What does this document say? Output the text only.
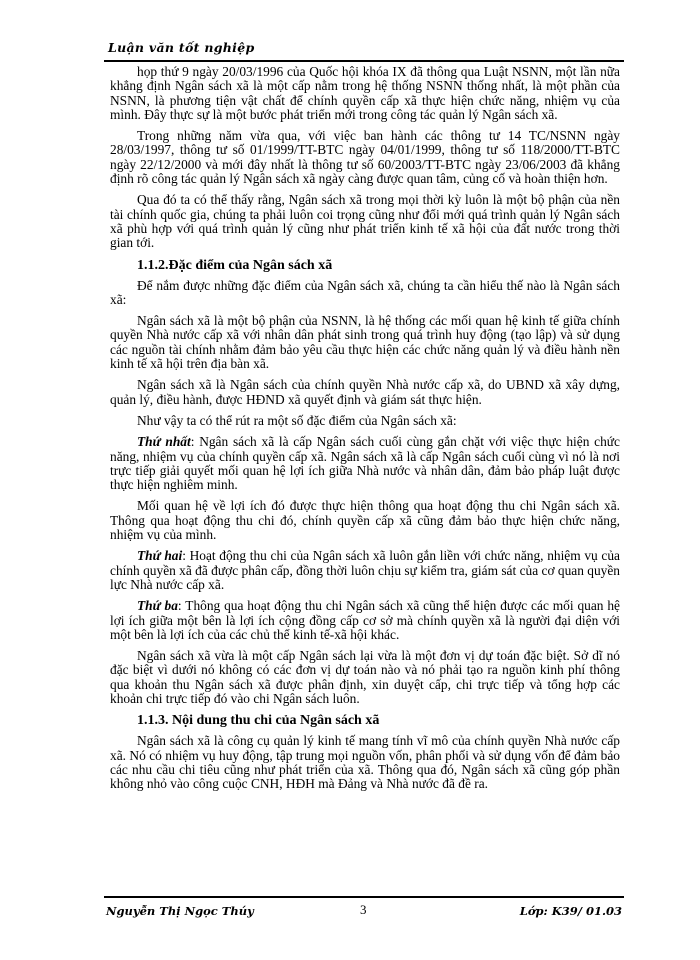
Luận văn tốt nghiệp

họp thứ 9 ngày 20/03/1996 của Quốc hội khóa IX đã thông qua Luật NSNN, một lần nữa khẳng định Ngân sách xã là một cấp nằm trong hệ thống NSNN thống nhất, là một phần của NSNN, là phương tiện vật chất để chính quyền cấp xã thực hiện chức năng, nhiệm vụ của mình. Đây thực sự là một bước phát triển mới trong công tác quản lý Ngân sách xã.

Trong những năm vừa qua, với việc ban hành các thông tư 14 TC/NSNN ngày 28/03/1997, thông tư số 01/1999/TT-BTC ngày 04/01/1999, thông tư số 118/2000/TT-BTC ngày 22/12/2000 và mới đây nhất là thông tư số 60/2003/TT-BTC ngày 23/06/2003 đã khẳng định rõ công tác quản lý Ngân sách xã ngày càng được quan tâm, củng cố và hoàn thiện hơn.

Qua đó ta có thể thấy rằng, Ngân sách xã trong mọi thời kỳ luôn là một bộ phận của nền tài chính quốc gia, chúng ta phải luôn coi trọng cũng như đổi mới quá trình quản lý Ngân sách xã phù hợp với quá trình quản lý cũng như phát triển kinh tế xã hội của đất nước trong thời gian tới.

1.1.2.Đặc điểm của Ngân sách xã

Để nắm được những đặc điểm của Ngân sách xã, chúng ta cần hiểu thế nào là Ngân sách xã:

Ngân sách xã là một bộ phận của NSNN, là hệ thống các mối quan hệ kinh tế giữa chính quyền Nhà nước cấp xã với nhân dân phát sinh trong quá trình huy động (tạo lập) và sử dụng các nguồn tài chính nhằm đảm bảo yêu cầu thực hiện các chức năng quản lý và điều hành nền kinh tế xã hội trên địa bàn xã.

Ngân sách xã là Ngân sách của chính quyền Nhà nước cấp xã, do UBND xã xây dựng, quản lý, điều hành, được HĐND xã quyết định và giám sát thực hiện.

Như vậy ta có thể rút ra một số đặc điểm của Ngân sách xã:

Thứ nhất: Ngân sách xã là cấp Ngân sách cuối cùng gắn chặt với việc thực hiện chức năng, nhiệm vụ của chính quyền cấp xã. Ngân sách xã là cấp Ngân sách cuối cùng vì nó là nơi trực tiếp giải quyết mối quan hệ lợi ích giữa Nhà nước và nhân dân, đảm bảo pháp luật được thực hiện nghiêm minh.

Mối quan hệ về lợi ích đó được thực hiện thông qua hoạt động thu chi Ngân sách xã. Thông qua hoạt động thu chi đó, chính quyền cấp xã cũng đảm bảo thực hiện chức năng, nhiệm vụ của mình.

Thứ hai: Hoạt động thu chi của Ngân sách xã luôn gắn liền với chức năng, nhiệm vụ của chính quyền xã đã được phân cấp, đồng thời luôn chịu sự kiểm tra, giám sát của cơ quan quyền lực Nhà nước cấp xã.

Thứ ba: Thông qua hoạt động thu chi Ngân sách xã cũng thể hiện được các mối quan hệ lợi ích giữa một bên là lợi ích cộng đồng cấp cơ sở mà chính quyền xã là người đại diện với một bên là lợi ích của các chủ thể kinh tế-xã hội khác.

Ngân sách xã vừa là một cấp Ngân sách lại vừa là một đơn vị dự toán đặc biệt. Sở dĩ nó đặc biệt vì dưới nó không có các đơn vị dự toán nào và nó phải tạo ra nguồn kinh phí thông qua khoản thu Ngân sách xã được phân định, xin duyệt cấp, chi trực tiếp và tổng hợp các khoản chi trực tiếp đó vào chi Ngân sách luôn.

1.1.3. Nội dung thu chi của Ngân sách xã

Ngân sách xã là công cụ quản lý kinh tế mang tính vĩ mô của chính quyền Nhà nước cấp xã. Nó có nhiệm vụ huy động, tập trung mọi nguồn vốn, phân phối và sử dụng vốn để đảm bảo các nhu cầu chi tiêu cũng như phát triển của xã. Thông qua đó, Ngân sách xã cũng góp phần không nhỏ vào công cuộc CNH, HĐH mà Đảng và Nhà nước đã đề ra.

Nguyễn Thị Ngọc Thúy	3	Lớp: K39/ 01.03
